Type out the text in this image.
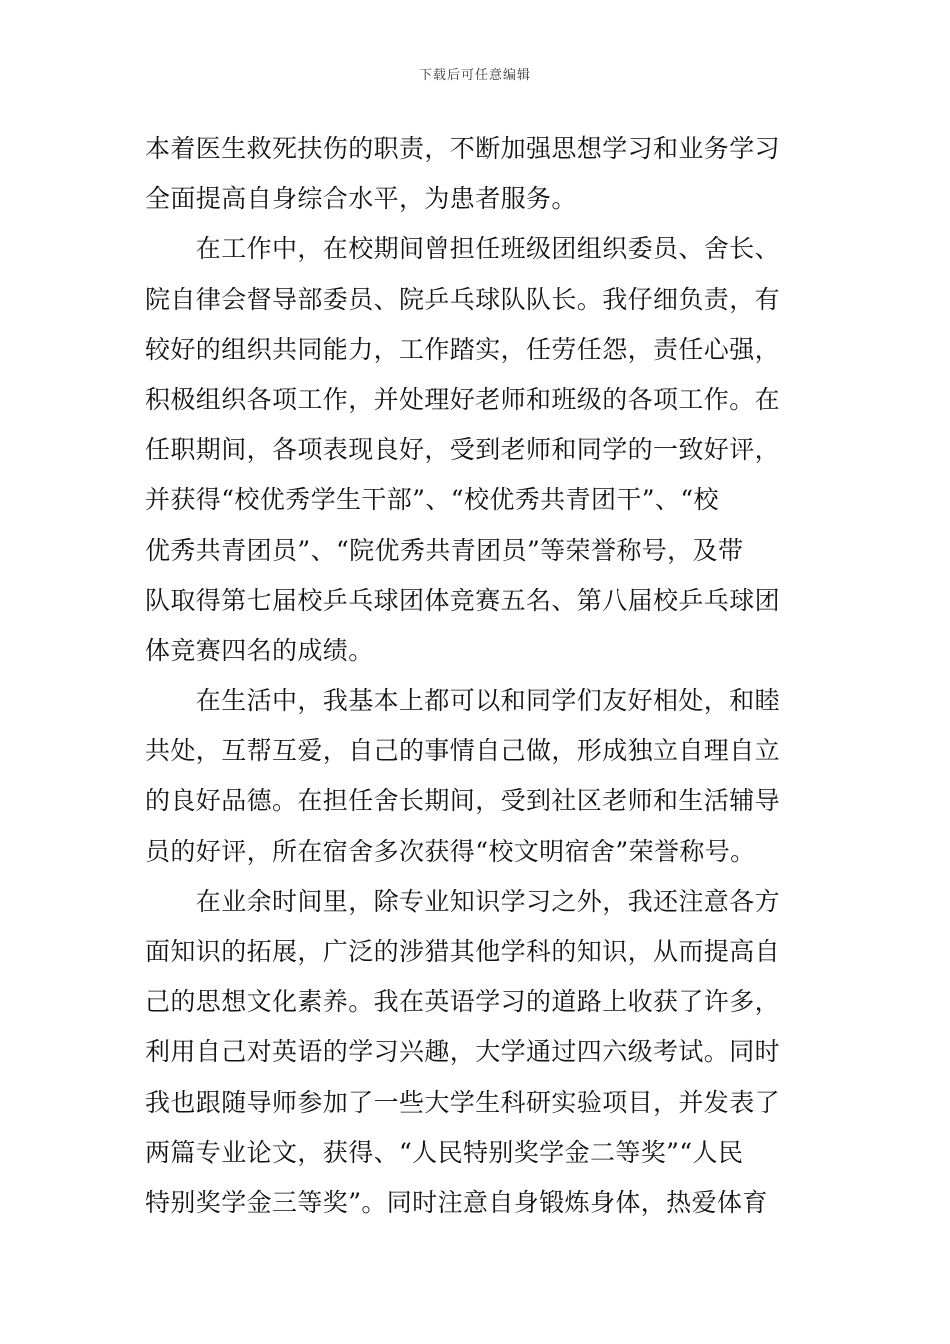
下载后可任意编辑
本着医生救死扶伤的职责，不断加强思想学习和业务学习
全面提高自身综合水平，为患者服务。
　　在工作中，在校期间曾担任班级团组织委员、舍长、
院自律会督导部委员、院乒乓球队队长。我仔细负责，有
较好的组织共同能力，工作踏实，任劳任怨，责任心强，
积极组织各项工作，并处理好老师和班级的各项工作。在
任职期间，各项表现良好，受到老师和同学的一致好评，
并获得“校优秀学生干部”、“校优秀共青团干”、“校
优秀共青团员”、“院优秀共青团员”等荣誉称号，及带
队取得第七届校乒乓球团体竞赛五名、第八届校乒乓球团
体竞赛四名的成绩。
　　在生活中，我基本上都可以和同学们友好相处，和睦
共处，互帮互爱，自己的事情自己做，形成独立自理自立
的良好品德。在担任舍长期间，受到社区老师和生活辅导
员的好评，所在宿舍多次获得“校文明宿舍”荣誉称号。
　　在业余时间里，除专业知识学习之外，我还注意各方
面知识的拓展，广泛的涉猎其他学科的知识，从而提高自
己的思想文化素养。我在英语学习的道路上收获了许多，
利用自己对英语的学习兴趣，大学通过四六级考试。同时
我也跟随导师参加了一些大学生科研实验项目，并发表了
两篇专业论文，获得、“人民特别奖学金二等奖”“人民
特别奖学金三等奖”。同时注意自身锻炼身体，热爱体育
